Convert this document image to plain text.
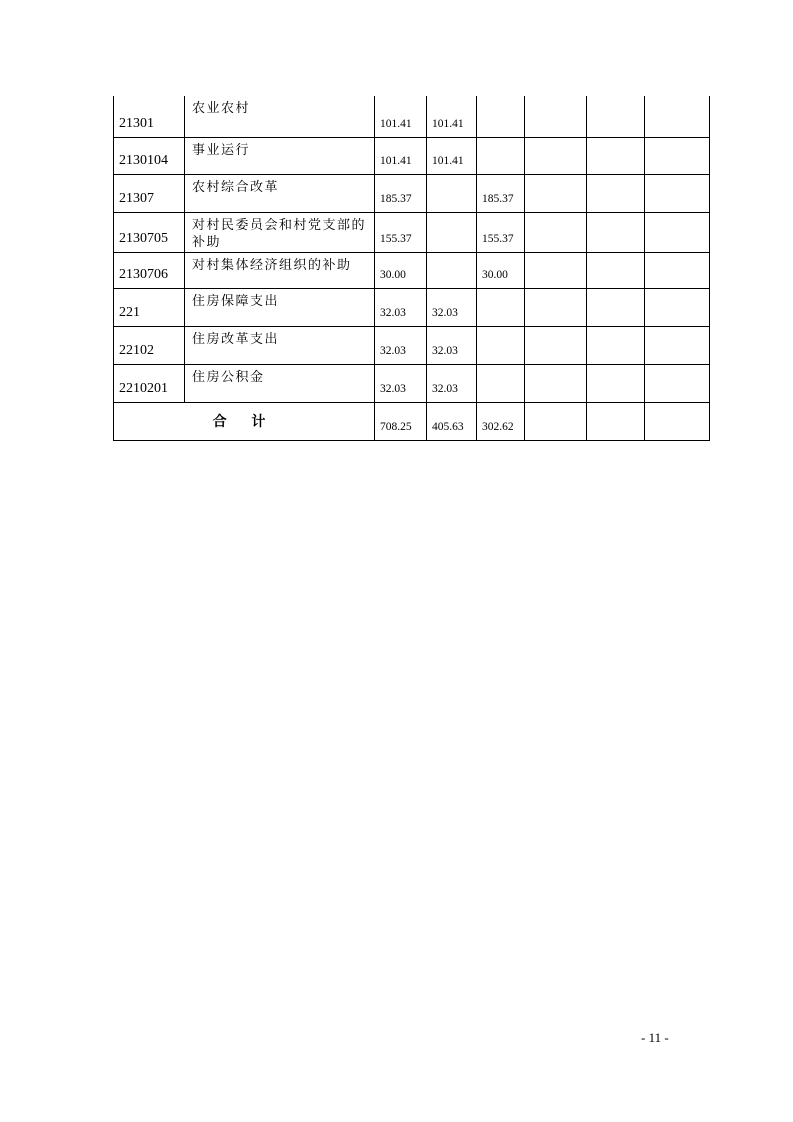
21301	农业农村	101.41	101.41				

2130104	事业运行	101.41	101.41				

21307	农村综合改革	185.37		185.37			

2130705	对村民委员会和村党支部的补助	155.37		155.37			

2130706	对村集体经济组织的补助	30.00		30.00			

221	住房保障支出	32.03	32.03				

22102	住房改革支出	32.03	32.03				

2210201	住房公积金	32.03	32.03				
合 计		708.25	405.63	302.62			
- 11 -
